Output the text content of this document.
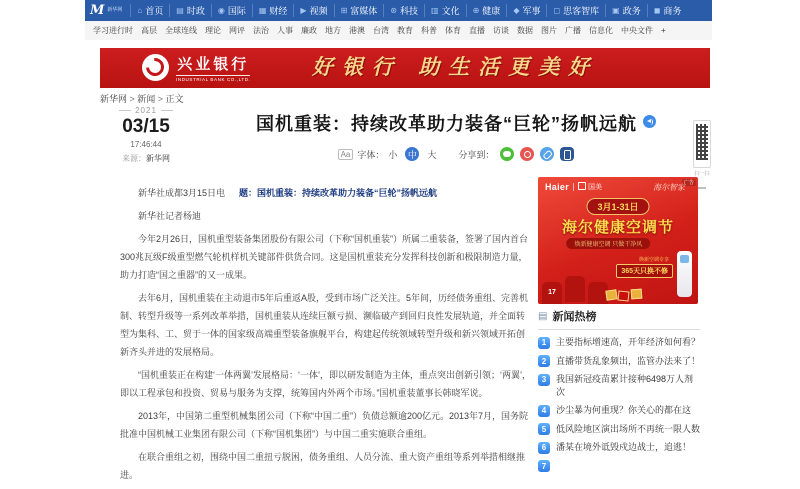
M 新华网 ⌂	首页 ▤	时政 ◉	国际 ▦	财经 ▶ 视频 ⊞	富媒体 ⊛	科技 ▥	文化 ⊕	健康 ◆ 军事 ◻	思客智库 ▣	政务 ◼	商务
学习进行时 高层 全球连线 理论 网评 法治 人事 廉政 地方 港澳 台湾 教育 科普 体育 直播 访谈 数据 图片 广播 信息化 中央文件 +
兴业银行
INDUSTRIAL BANK CO.,LTD.
好银行 助生活更美好
新华网 >	新闻 >	正文
2021
03/15
17:46:44
来源：新华网
国机重装：持续改革助力装备“巨轮”扬帆远航
Aa 字体： 小 中 大 分享到：

新华社成都3月15日电 题：国机重装：持续改革助力装备“巨轮”扬帆远航

新华社记者杨迪

今年2月26日，国机重型装备集团股份有限公司（下称“国机重装”）所属二重装备，签署了国内首台300兆瓦级F级重型燃气轮机样机关键部件供货合同。这是国机重装充分发挥科技创新和极限制造力量，助力打造“国之重器”的又一成果。

去年6月，国机重装在主动退市5年后重返A股，受到市场广泛关注。5年间，历经债务重组、完善机制、转型升级等一系列改革举措，国机重装从连续巨额亏损、濒临破产到回归良性发展轨道，并全面转型为集科、工、贸于一体的国家级高端重型装备旗舰平台，构建起传统领域转型升级和新兴领域开拓创新齐头并进的发展格局。

“国机重装正在构建‘一体两翼’发展格局：‘一体’，即以研发制造为主体，重点突出创新引领；‘两翼’，即以工程承包和投资、贸易与服务为支撑，统筹国内外两个市场。”国机重装董事长韩晓军说。

2013年，中国第二重型机械集团公司（下称“中国二重”）负债总额逾200亿元。2013年7月，国务院批准中国机械工业集团有限公司（下称“国机集团”）与中国二重实施联合重组。

在联合重组之初，围绕中国二重扭亏脱困，债务重组、人员分流、重大资产重组等系列举措相继推进。

Haier	国美	海尔智家
广告
3月1-31日
海尔健康空调节
焕新健康空调 只做干净风
17
焕新空调专享
365天只换不修
▤ 新闻热榜
1	主要指标增速高，开年经济如何看？
2	直播带货乱象频出，监管办法来了！
3	我国新冠疫苗累计接种6498万人剂次
4	沙尘暴为何重现？你关心的都在这
5	低风险地区演出场所不再统一限人数
6	潘某在境外诋毁戍边战士，追逃！
7
扫一扫
